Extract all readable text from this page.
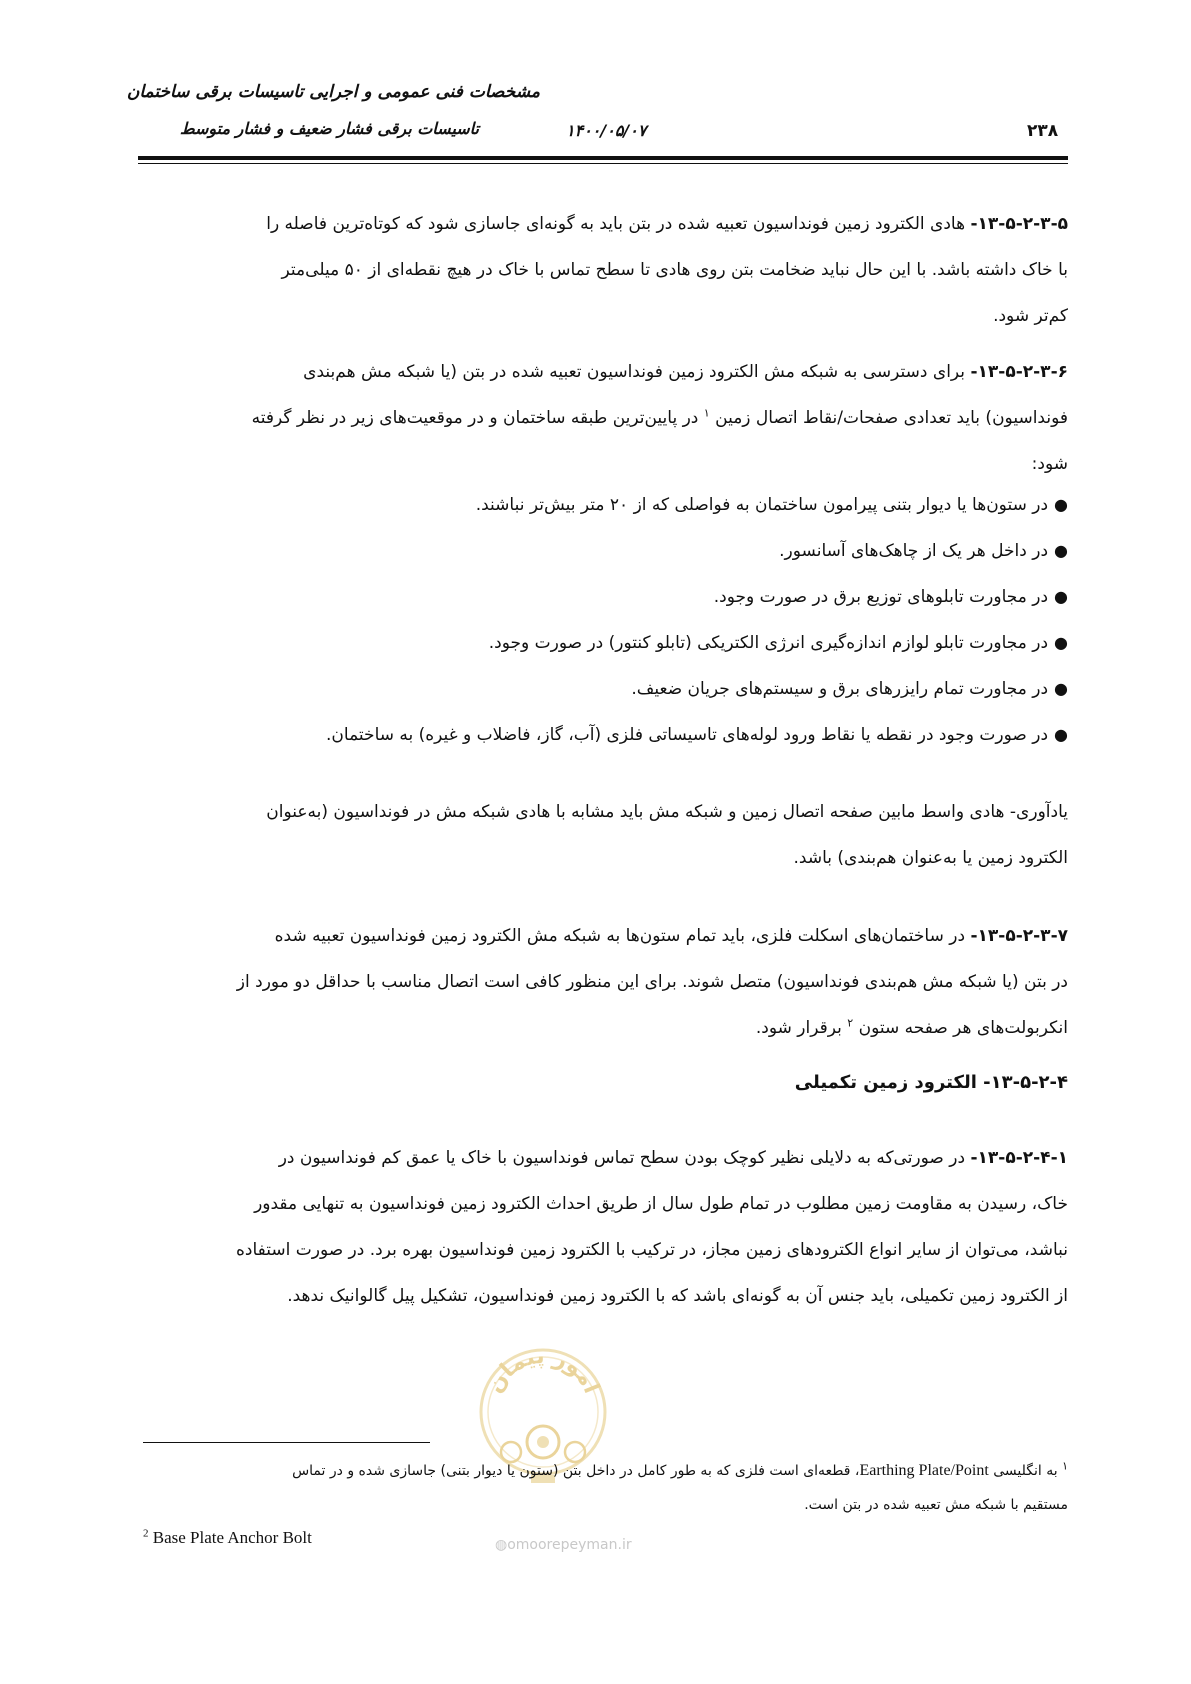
مشخصات فنی عمومی و اجرایی تاسیسات برقی ساختمان
تاسیسات برقی فشار ضعیف و فشار متوسط	۱۴۰۰/۰۵/۰۷	۲۳۸
۱۳-۵-۲-۳-۵- هادی الکترود زمین فونداسیون تعبیه شده در بتن باید به گونه‌ای جاسازی شود که کوتاه‌ترین فاصله را
با خاک داشته باشد. با این حال نباید ضخامت بتن روی هادی تا سطح تماس با خاک در هیچ نقطه‌ای از ۵۰ میلی‌متر
کم‌تر شود.
۱۳-۵-۲-۳-۶- برای دسترسی به شبکه مش الکترود زمین فونداسیون تعبیه شده در بتن (یا شبکه مش هم‌بندی
فونداسیون) باید تعدادی صفحات/نقاط اتصال زمین $^۱$ در پایین‌ترین طبقه ساختمان و در موقعیت‌های زیر در نظر گرفته
شود:
●در ستون‌ها یا دیوار بتنی پیرامون ساختمان به فواصلی که از ۲۰ متر بیش‌تر نباشند.
●در داخل هر یک از چاهک‌های آسانسور.
●در مجاورت تابلوهای توزیع برق در صورت وجود.
●در مجاورت تابلو لوازم اندازه‌گیری انرژی الکتریکی (تابلو کنتور) در صورت وجود.
●در مجاورت تمام رایزرهای برق و سیستم‌های جریان ضعیف.
●در صورت وجود در نقطه یا نقاط ورود لوله‌های تاسیساتی فلزی (آب، گاز، فاضلاب و غیره) به ساختمان.
یادآوری- هادی واسط مابین صفحه اتصال زمین و شبکه مش باید مشابه با هادی شبکه مش در فونداسیون (به‌عنوان
الکترود زمین یا به‌عنوان هم‌بندی) باشد.
۱۳-۵-۲-۳-۷- در ساختمان‌های اسکلت فلزی، باید تمام ستون‌ها به شبکه مش الکترود زمین فونداسیون تعبیه شده
در بتن (یا شبکه مش هم‌بندی فونداسیون) متصل شوند. برای این منظور کافی است اتصال مناسب با حداقل دو مورد از
انکربولت‌های هر صفحه ستون $^۲$ برقرار شود.
۱۳-۵-۲-۴- الکترود زمین تکمیلی
۱۳-۵-۲-۴-۱- در صورتی‌که به دلایلی نظیر کوچک بودن سطح تماس فونداسیون با خاک یا عمق کم فونداسیون در
خاک، رسیدن به مقاومت زمین مطلوب در تمام طول سال از طریق احداث الکترود زمین فونداسیون به تنهایی مقدور
نباشد، می‌توان از سایر انواع الکترودهای زمین مجاز، در ترکیب با الکترود زمین فونداسیون بهره برد. در صورت استفاده
از الکترود زمین تکمیلی، باید جنس آن به گونه‌ای باشد که با الکترود زمین فونداسیون، تشکیل پیل گالوانیک ندهد.
امور پیمان
◍omoorepeyman.ir
$^۱$ به انگلیسی Earthing Plate/Point، قطعه‌ای است فلزی که به طور کامل در داخل بتن (ستون یا دیوار بتنی) جاسازی شده و در تماس
مستقیم با شبکه مش تعبیه شده در بتن است.
$^2$ Base Plate Anchor Bolt
